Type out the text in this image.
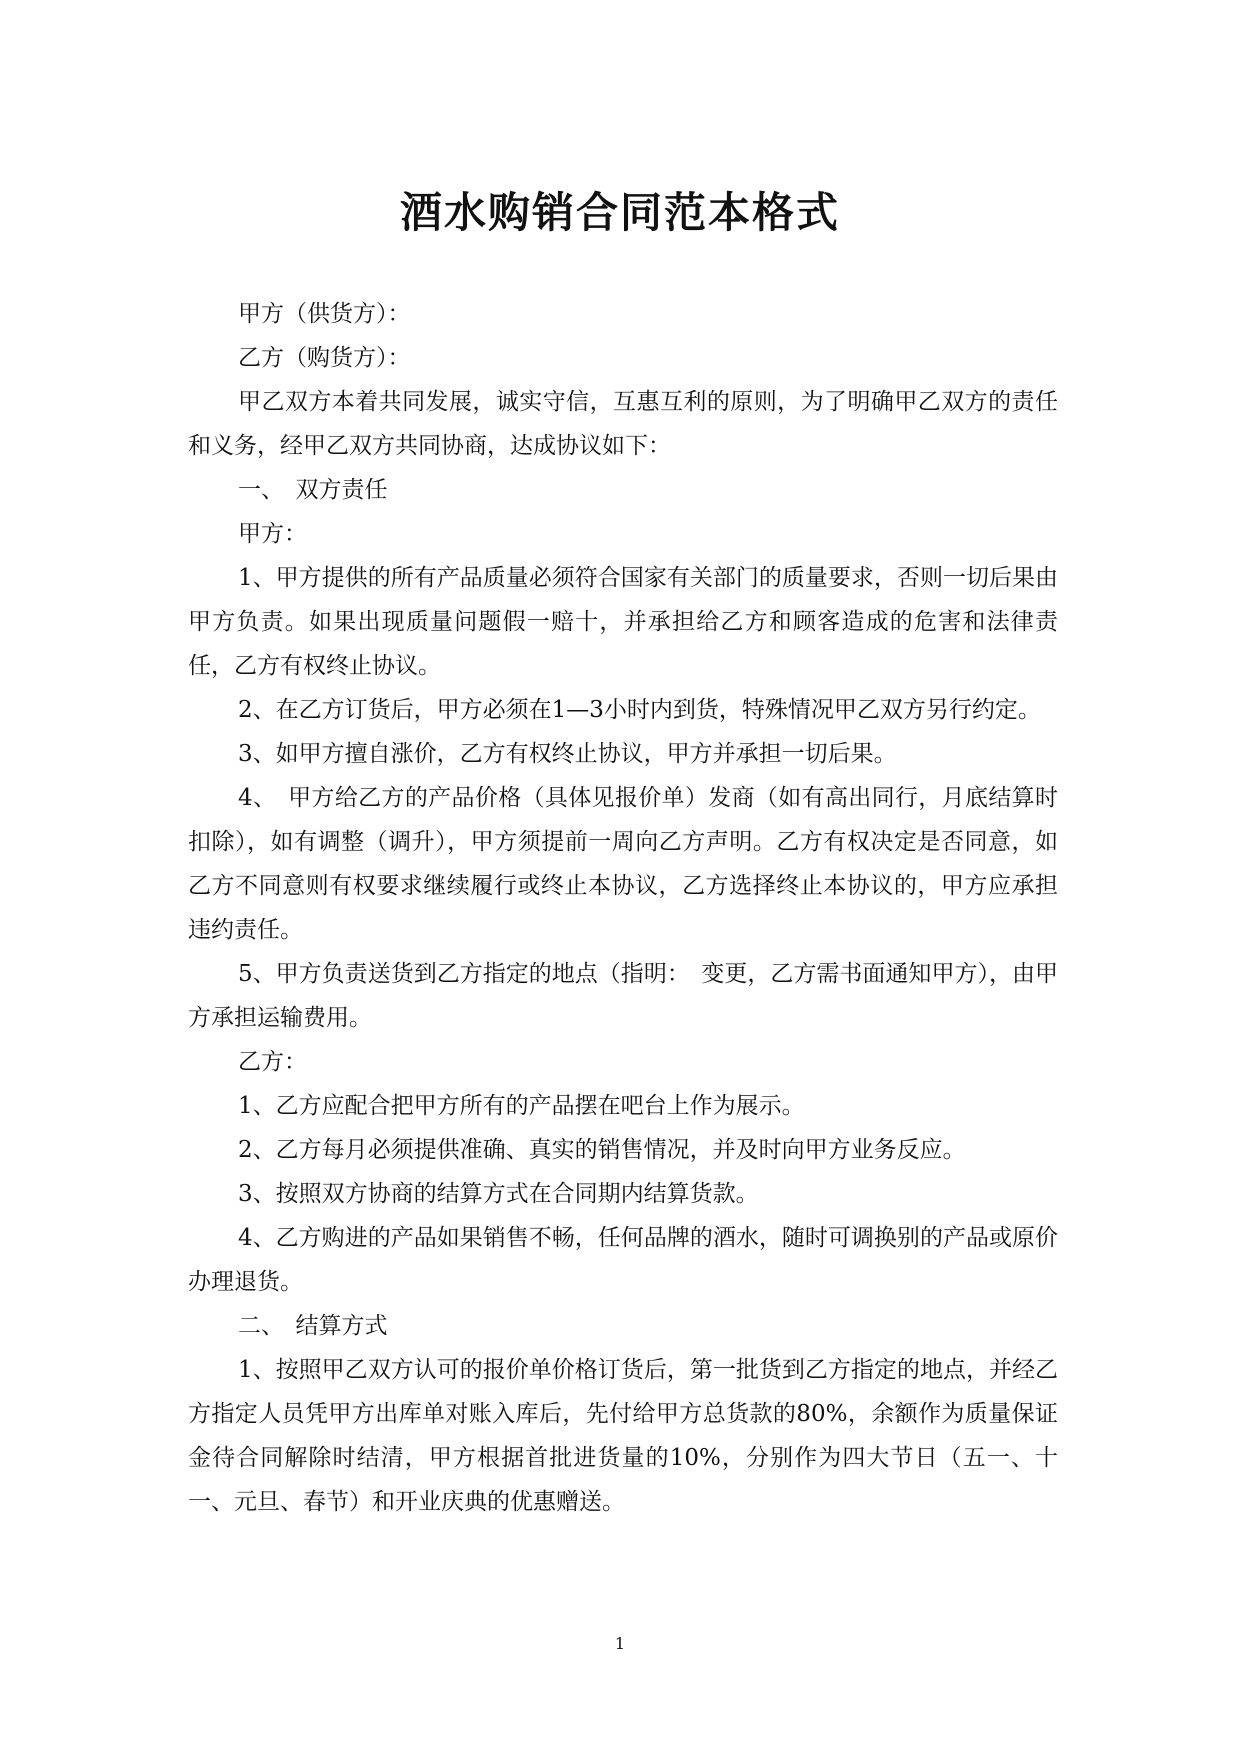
酒水购销合同范本格式

甲方（供货方）：

乙方（购货方）：

甲乙双方本着共同发展，诚实守信，互惠互利的原则，为了明确甲乙双方的责任和义务，经甲乙双方共同协商，达成协议如下：

一、　双方责任

甲方：

1、甲方提供的所有产品质量必须符合国家有关部门的质量要求，否则一切后果由甲方负责。如果出现质量问题假一赔十，并承担给乙方和顾客造成的危害和法律责任，乙方有权终止协议。

2、在乙方订货后，甲方必须在1—3小时内到货，特殊情况甲乙双方另行约定。

3、如甲方擅自涨价，乙方有权终止协议，甲方并承担一切后果。

4、　甲方给乙方的产品价格（具体见报价单）发商（如有高出同行，月底结算时扣除），如有调整（调升），甲方须提前一周向乙方声明。乙方有权决定是否同意，如乙方不同意则有权要求继续履行或终止本协议，乙方选择终止本协议的，甲方应承担违约责任。

5、甲方负责送货到乙方指定的地点（指明：　变更，乙方需书面通知甲方），由甲方承担运输费用。

乙方：

1、乙方应配合把甲方所有的产品摆在吧台上作为展示。

2、乙方每月必须提供准确、真实的销售情况，并及时向甲方业务反应。

3、按照双方协商的结算方式在合同期内结算货款。

4、乙方购进的产品如果销售不畅，任何品牌的酒水，随时可调换别的产品或原价办理退货。

二、　结算方式

1、按照甲乙双方认可的报价单价格订货后，第一批货到乙方指定的地点，并经乙方指定人员凭甲方出库单对账入库后，先付给甲方总货款的80%，余额作为质量保证金待合同解除时结清，甲方根据首批进货量的10%，分别作为四大节日（五一、十一、元旦、春节）和开业庆典的优惠赠送。

1
